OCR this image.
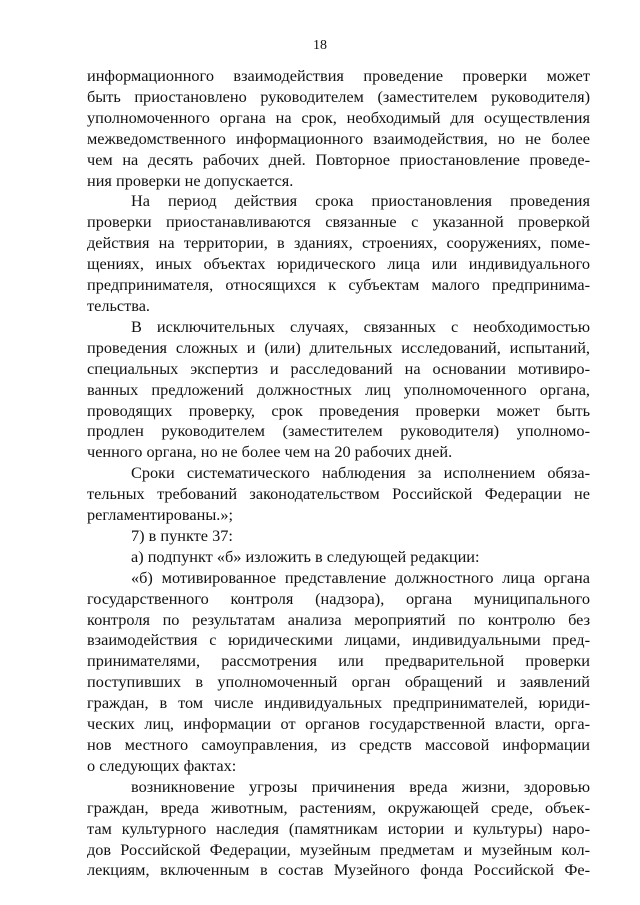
18

информационного взаимодействия проведение проверки может
быть приостановлено руководителем (заместителем руководителя)
уполномоченного органа на срок, необходимый для осуществления
межведомственного информационного взаимодействия, но не более
чем на десять рабочих дней. Повторное приостановление проведе-
ния проверки не допускается.

На период действия срока приостановления проведения
проверки приостанавливаются связанные с указанной проверкой
действия на территории, в зданиях, строениях, сооружениях, поме-
щениях, иных объектах юридического лица или индивидуального
предпринимателя, относящихся к субъектам малого предпринима-
тельства.

В исключительных случаях, связанных с необходимостью
проведения сложных и (или) длительных исследований, испытаний,
специальных экспертиз и расследований на основании мотивиро-
ванных предложений должностных лиц уполномоченного органа,
проводящих проверку, срок проведения проверки может быть
продлен руководителем (заместителем руководителя) уполномо-
ченного органа, но не более чем на 20 рабочих дней.

Сроки систематического наблюдения за исполнением обяза-
тельных требований законодательством Российской Федерации не
регламентированы.»;

7) в пункте 37:

а) подпункт «б» изложить в следующей редакции:

«б) мотивированное представление должностного лица органа
государственного контроля (надзора), органа муниципального
контроля по результатам анализа мероприятий по контролю без
взаимодействия с юридическими лицами, индивидуальными пред-
принимателями, рассмотрения или предварительной проверки
поступивших в уполномоченный орган обращений и заявлений
граждан, в том числе индивидуальных предпринимателей, юриди-
ческих лиц, информации от органов государственной власти, орга-
нов местного самоуправления, из средств массовой информации
о следующих фактах:

возникновение угрозы причинения вреда жизни, здоровью
граждан, вреда животным, растениям, окружающей среде, объек-
там культурного наследия (памятникам истории и культуры) наро-
дов Российской Федерации, музейным предметам и музейным кол-
лекциям, включенным в состав Музейного фонда Российской Фе-
